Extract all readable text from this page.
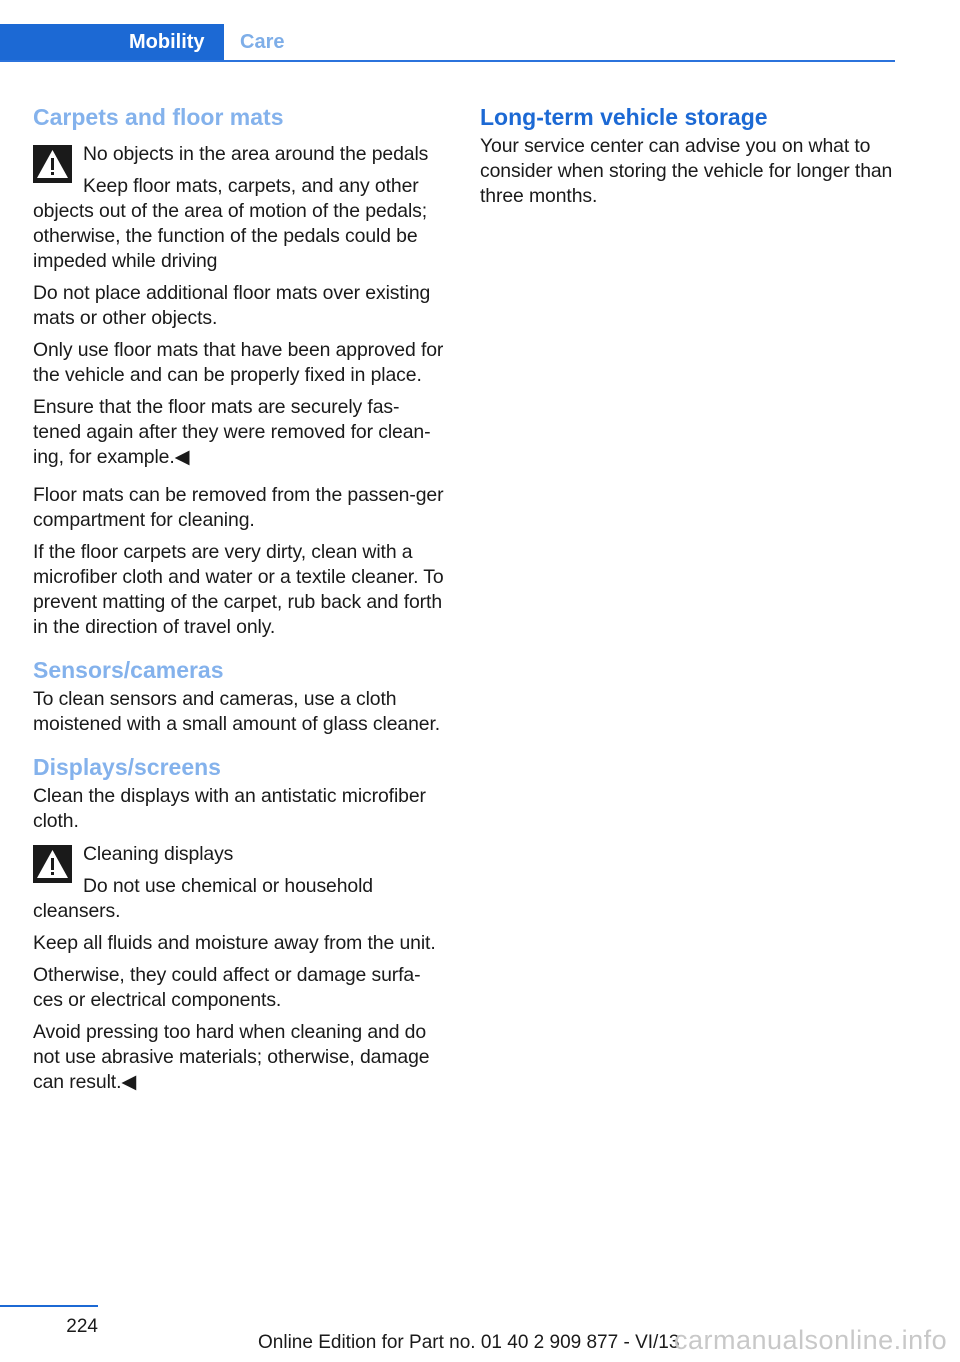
Mobility	Care
Carpets and floor mats

No objects in the area around the pedals

Keep floor mats, carpets, and any other objects out of the area of motion of the pedals; otherwise, the function of the pedals could be impeded while driving

Do not place additional floor mats over existing mats or other objects.

Only use floor mats that have been approved for the vehicle and can be properly fixed in place.

Ensure that the floor mats are securely fas‐tened again after they were removed for clean‐ing, for example.◀

Floor mats can be removed from the passen‐ger compartment for cleaning.

If the floor carpets are very dirty, clean with a microfiber cloth and water or a textile cleaner. To prevent matting of the carpet, rub back and forth in the direction of travel only.

Sensors/cameras

To clean sensors and cameras, use a cloth moistened with a small amount of glass cleaner.

Displays/screens

Clean the displays with an antistatic microfiber cloth.

Cleaning displays

Do not use chemical or household cleansers.

Keep all fluids and moisture away from the unit.

Otherwise, they could affect or damage surfa‐ces or electrical components.

Avoid pressing too hard when cleaning and do not use abrasive materials; otherwise, damage can result.◀

Long-term vehicle storage

Your service center can advise you on what to consider when storing the vehicle for longer than three months.

224
Online Edition for Part no. 01 40 2 909 877 - VI/13
carmanualsonline.info
